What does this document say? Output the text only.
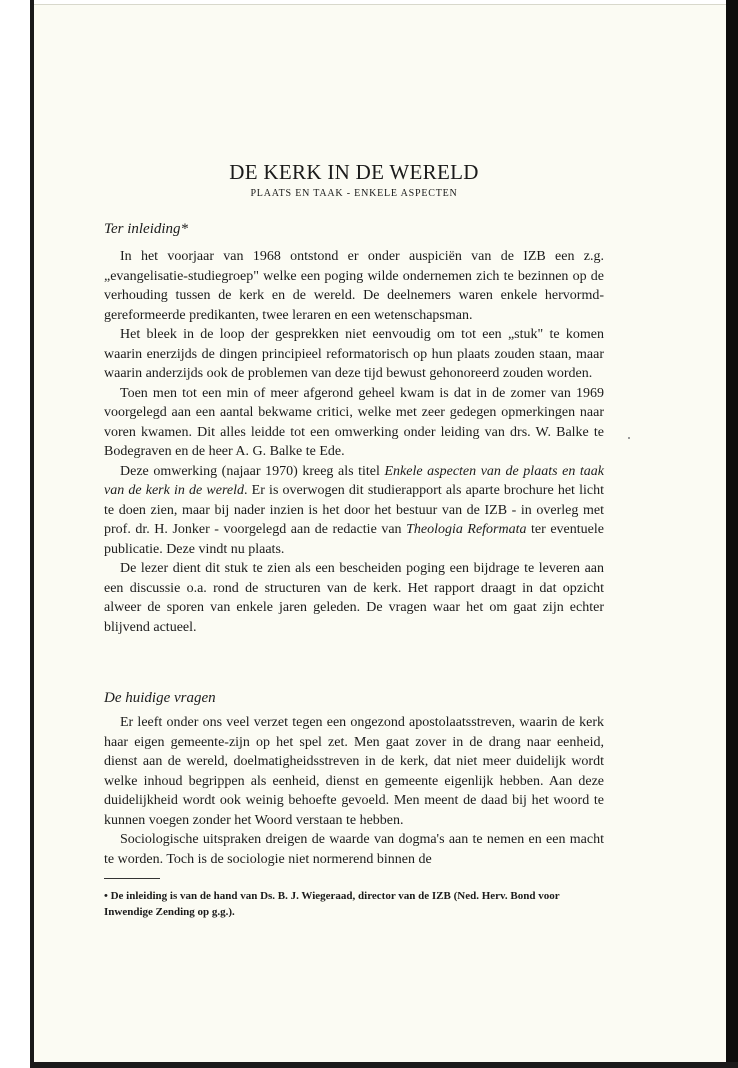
DE KERK IN DE WERELD
PLAATS EN TAAK - ENKELE ASPECTEN
Ter inleiding*

In het voorjaar van 1968 ontstond er onder auspiciën van de IZB een z.g. „evangelisatie-studiegroep" welke een poging wilde ondernemen zich te bezinnen op de verhouding tussen de kerk en de wereld. De deelnemers waren enkele hervormd-gereformeerde predikanten, twee leraren en een wetenschapsman.

Het bleek in de loop der gesprekken niet eenvoudig om tot een „stuk" te komen waarin enerzijds de dingen principieel reformatorisch op hun plaats zouden staan, maar waarin anderzijds ook de problemen van deze tijd bewust gehonoreerd zouden worden.

Toen men tot een min of meer afgerond geheel kwam is dat in de zomer van 1969 voorgelegd aan een aantal bekwame critici, welke met zeer gedegen opmerkingen naar voren kwamen. Dit alles leidde tot een omwerking onder leiding van drs. W. Balke te Bodegraven en de heer A. G. Balke te Ede.

Deze omwerking (najaar 1970) kreeg als titel Enkele aspecten van de plaats en taak van de kerk in de wereld. Er is overwogen dit studierapport als aparte brochure het licht te doen zien, maar bij nader inzien is het door het bestuur van de IZB - in overleg met prof. dr. H. Jonker - voorgelegd aan de redactie van Theologia Reformata ter eventuele publicatie. Deze vindt nu plaats.

De lezer dient dit stuk te zien als een bescheiden poging een bijdrage te leveren aan een discussie o.a. rond de structuren van de kerk. Het rapport draagt in dat opzicht alweer de sporen van enkele jaren geleden. De vragen waar het om gaat zijn echter blijvend actueel.

De huidige vragen

Er leeft onder ons veel verzet tegen een ongezond apostolaatsstreven, waarin de kerk haar eigen gemeente-zijn op het spel zet. Men gaat zover in de drang naar eenheid, dienst aan de wereld, doelmatigheidsstreven in de kerk, dat niet meer duidelijk wordt welke inhoud begrippen als eenheid, dienst en gemeente eigenlijk hebben. Aan deze duidelijkheid wordt ook weinig behoefte gevoeld. Men meent de daad bij het woord te kunnen voegen zonder het Woord verstaan te hebben.

Sociologische uitspraken dreigen de waarde van dogma's aan te nemen en een macht te worden. Toch is de sociologie niet normerend binnen de

• De inleiding is van de hand van Ds. B. J. Wiegeraad, director van de IZB (Ned. Herv. Bond voor Inwendige Zending op g.g.).
